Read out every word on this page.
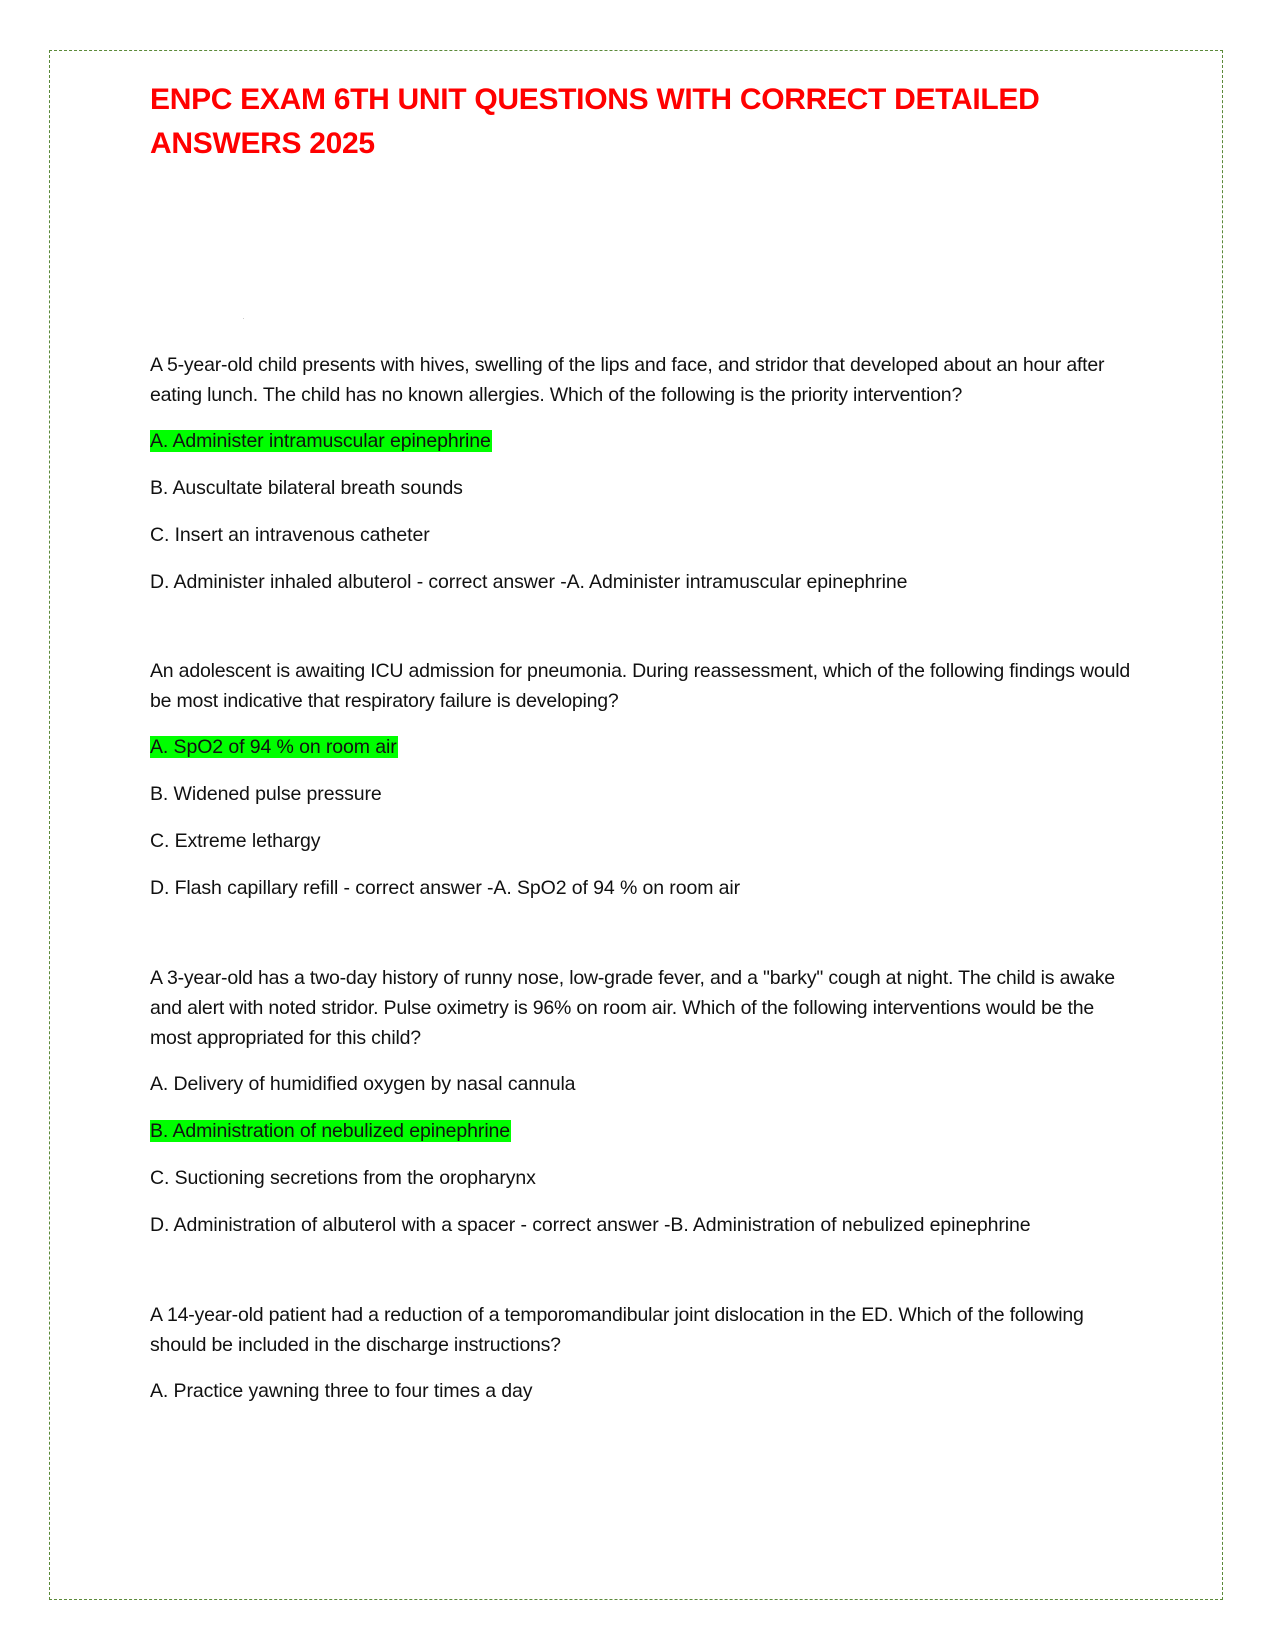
ENPC EXAM 6TH UNIT QUESTIONS WITH CORRECT DETAILED ANSWERS 2025

A 5-year-old child presents with hives, swelling of the lips and face, and stridor that developed about an hour after eating lunch. The child has no known allergies. Which of the following is the priority intervention?

A. Administer intramuscular epinephrine

B. Auscultate bilateral breath sounds

C. Insert an intravenous catheter

D. Administer inhaled albuterol - correct answer -A. Administer intramuscular epinephrine

An adolescent is awaiting ICU admission for pneumonia. During reassessment, which of the following findings would be most indicative that respiratory failure is developing?

A. SpO2 of 94 % on room air

B. Widened pulse pressure

C. Extreme lethargy

D. Flash capillary refill - correct answer -A. SpO2 of 94 % on room air

A 3-year-old has a two-day history of runny nose, low-grade fever, and a "barky" cough at night. The child is awake and alert with noted stridor. Pulse oximetry is 96% on room air. Which of the following interventions would be the most appropriated for this child?

A. Delivery of humidified oxygen by nasal cannula

B. Administration of nebulized epinephrine

C. Suctioning secretions from the oropharynx

D. Administration of albuterol with a spacer - correct answer -B. Administration of nebulized epinephrine

A 14-year-old patient had a reduction of a temporomandibular joint dislocation in the ED. Which of the following should be included in the discharge instructions?

A. Practice yawning three to four times a day
